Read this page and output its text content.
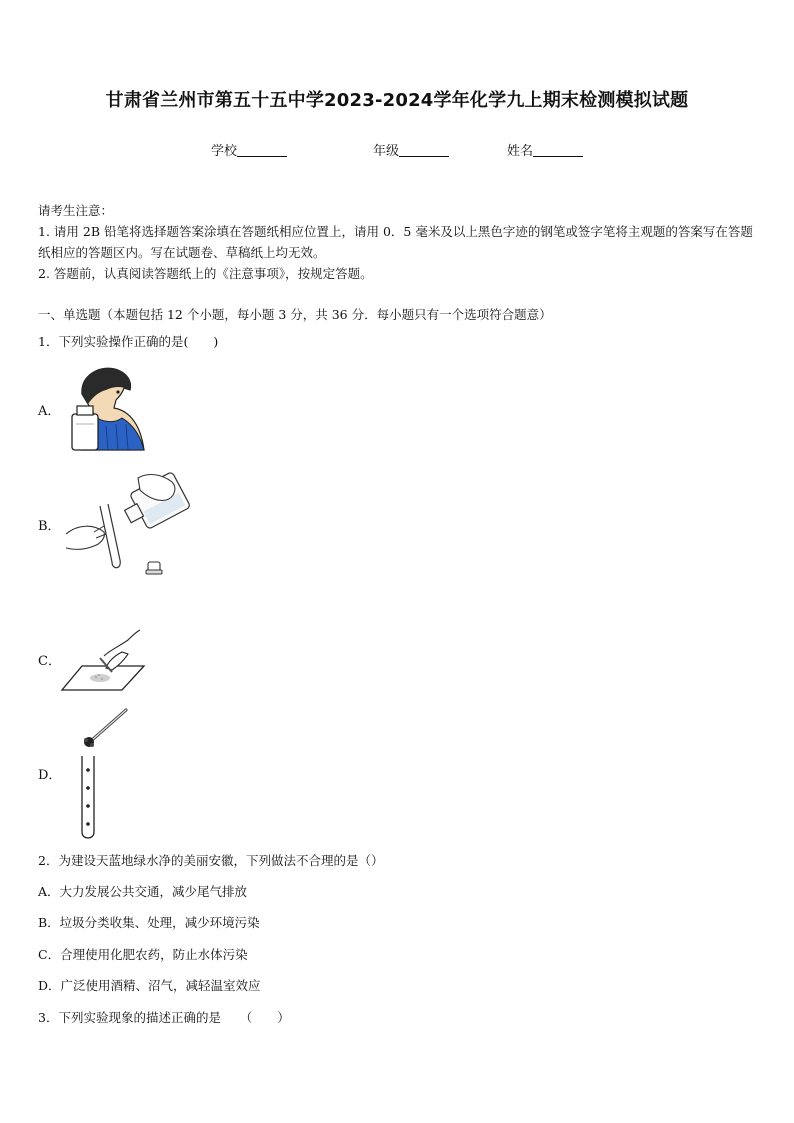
甘肃省兰州市第五十五中学2023-2024学年化学九上期末检测模拟试题
学校	年级	姓名
请考生注意：
1. 请用 2B 铅笔将选择题答案涂填在答题纸相应位置上，请用 0．5 毫米及以上黑色字迹的钢笔或签字笔将主观题的答案写在答题纸相应的答题区内。写在试题卷、草稿纸上均无效。
2. 答题前，认真阅读答题纸上的《注意事项》，按规定答题。
一、单选题（本题包括 12 个小题，每小题 3 分，共 36 分．每小题只有一个选项符合题意）
1．下列实验操作正确的是(　　)
A．
B．
C．
D．
2．为建设天蓝地绿水净的美丽安徽，下列做法不合理的是（）
A．大力发展公共交通，减少尾气排放
B．垃圾分类收集、处理，减少环境污染
C．合理使用化肥农药，防止水体污染
D．广泛使用酒精、沼气，减轻温室效应
3．下列实验现象的描述正确的是　　（　　）
